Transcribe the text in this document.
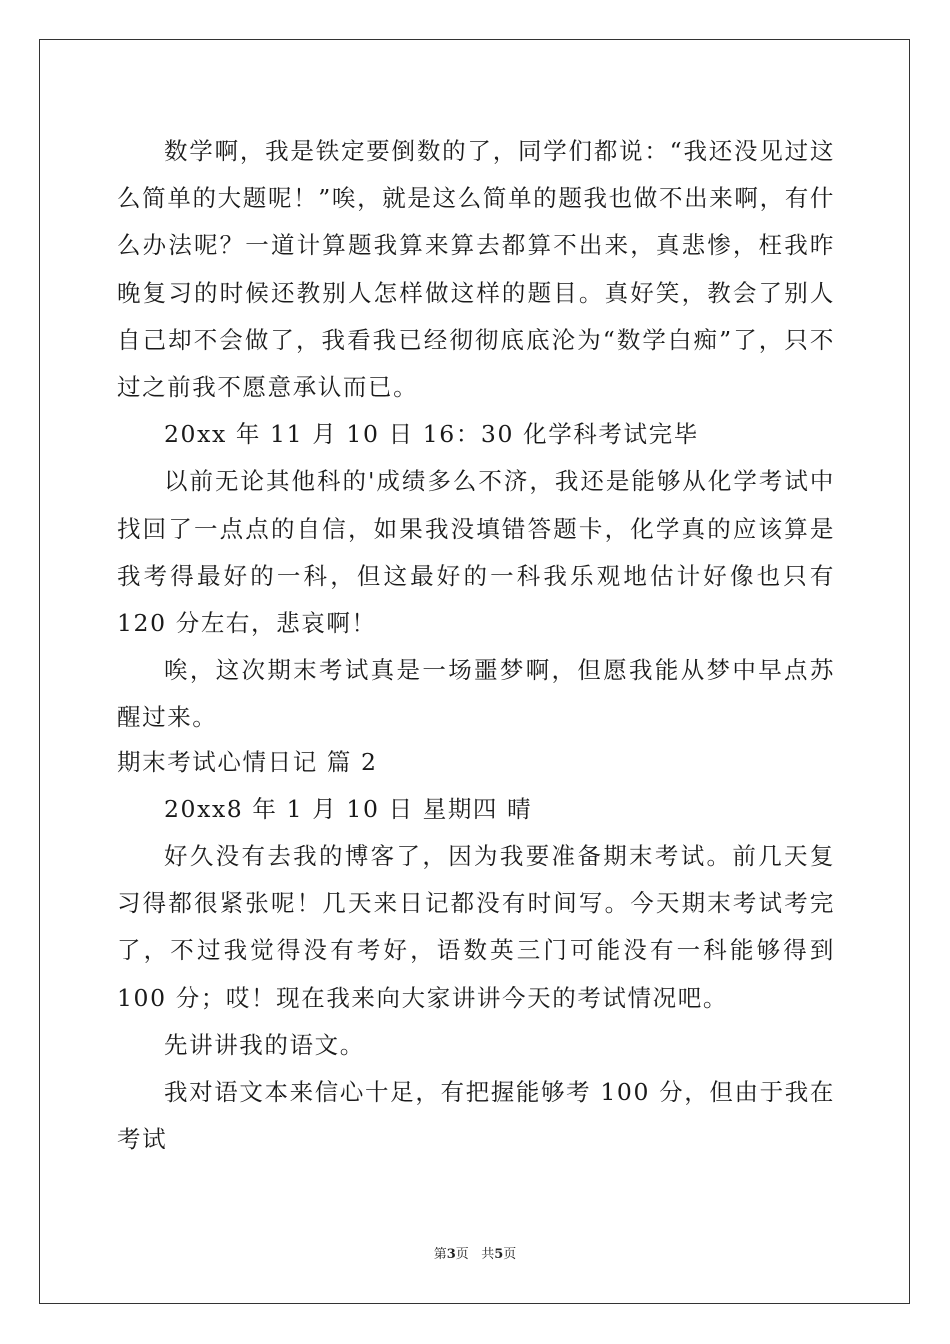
数学啊，我是铁定要倒数的了，同学们都说：“我还没见过这么简单的大题呢！”唉，就是这么简单的题我也做不出来啊，有什么办法呢？一道计算题我算来算去都算不出来，真悲惨，枉我昨晚复习的时候还教别人怎样做这样的题目。真好笑，教会了别人自己却不会做了，我看我已经彻彻底底沦为“数学白痴”了，只不过之前我不愿意承认而已。

20xx 年 11 月 10 日 16：30 化学科考试完毕

以前无论其他科的'成绩多么不济，我还是能够从化学考试中找回了一点点的自信，如果我没填错答题卡，化学真的应该算是我考得最好的一科，但这最好的一科我乐观地估计好像也只有 120 分左右，悲哀啊！

唉，这次期末考试真是一场噩梦啊，但愿我能从梦中早点苏醒过来。

期末考试心情日记 篇 2

20xx8 年 1 月 10 日 星期四 晴

好久没有去我的博客了，因为我要准备期末考试。前几天复习得都很紧张呢！几天来日记都没有时间写。今天期末考试考完了，不过我觉得没有考好，语数英三门可能没有一科能够得到 100 分；哎！现在我来向大家讲讲今天的考试情况吧。

先讲讲我的语文。

我对语文本来信心十足，有把握能够考 100 分，但由于我在考试

第3页 共5页
